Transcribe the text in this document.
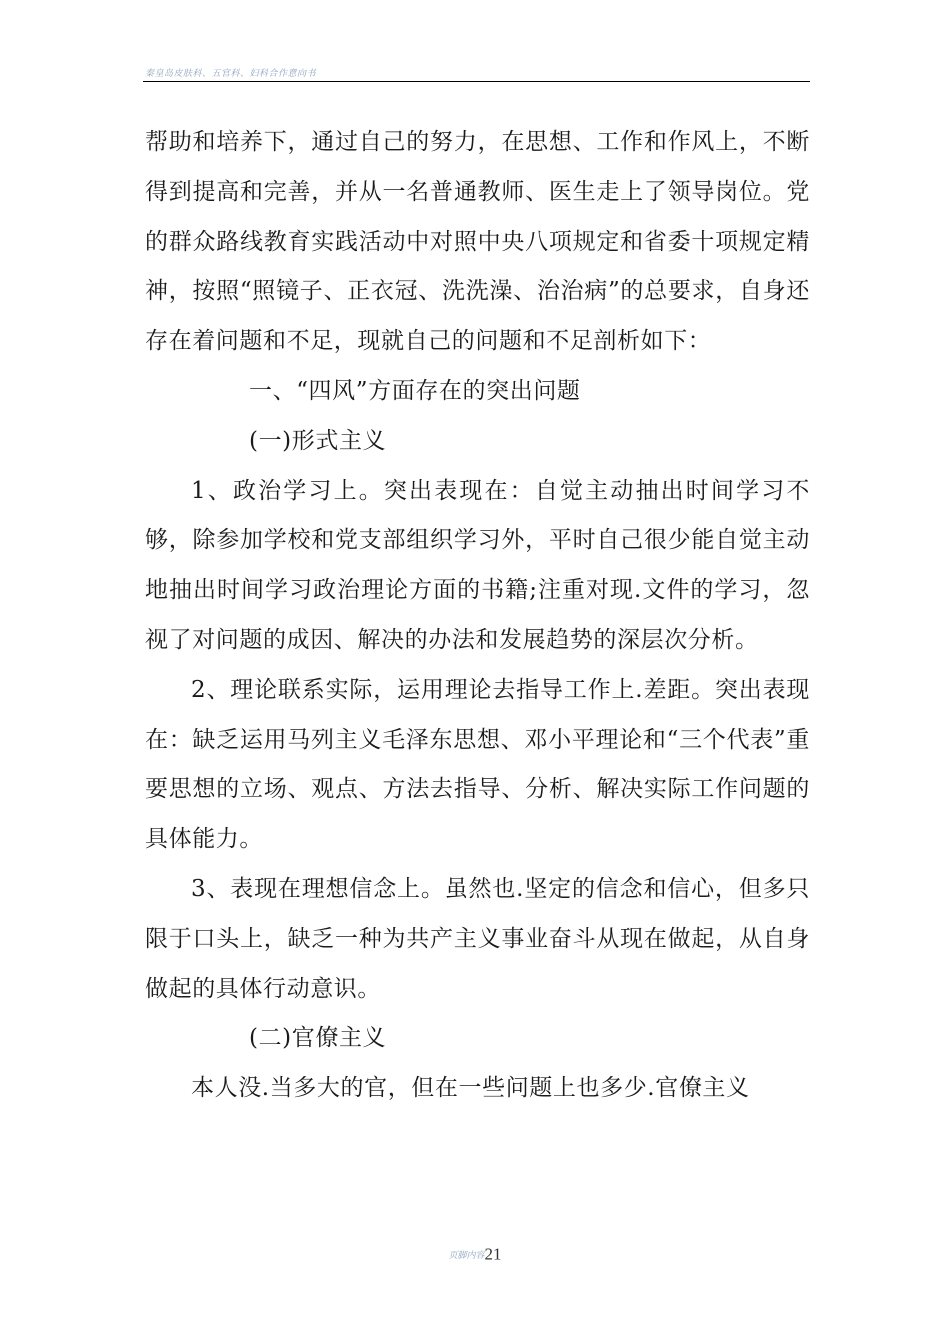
秦皇岛皮肤科、五官科、妇科合作意向书

帮助和培养下，通过自己的努力，在思想、工作和作风上，不断得到提高和完善，并从一名普通教师、医生走上了领导岗位。党的群众路线教育实践活动中对照中央八项规定和省委十项规定精神，按照“照镜子、正衣冠、洗洗澡、治治病”的总要求，自身还存在着问题和不足，现就自己的问题和不足剖析如下：

一、“四风”方面存在的突出问题

(一)形式主义

1、政治学习上。突出表现在：自觉主动抽出时间学习不够，除参加学校和党支部组织学习外，平时自己很少能自觉主动地抽出时间学习政治理论方面的书籍;注重对现.文件的学习，忽视了对问题的成因、解决的办法和发展趋势的深层次分析。

2、理论联系实际，运用理论去指导工作上.差距。突出表现在：缺乏运用马列主义毛泽东思想、邓小平理论和“三个代表”重要思想的立场、观点、方法去指导、分析、解决实际工作问题的具体能力。

3、表现在理想信念上。虽然也.坚定的信念和信心，但多只限于口头上，缺乏一种为共产主义事业奋斗从现在做起，从自身做起的具体行动意识。

(二)官僚主义

本人没.当多大的官，但在一些问题上也多少.官僚主义

页脚内容21
